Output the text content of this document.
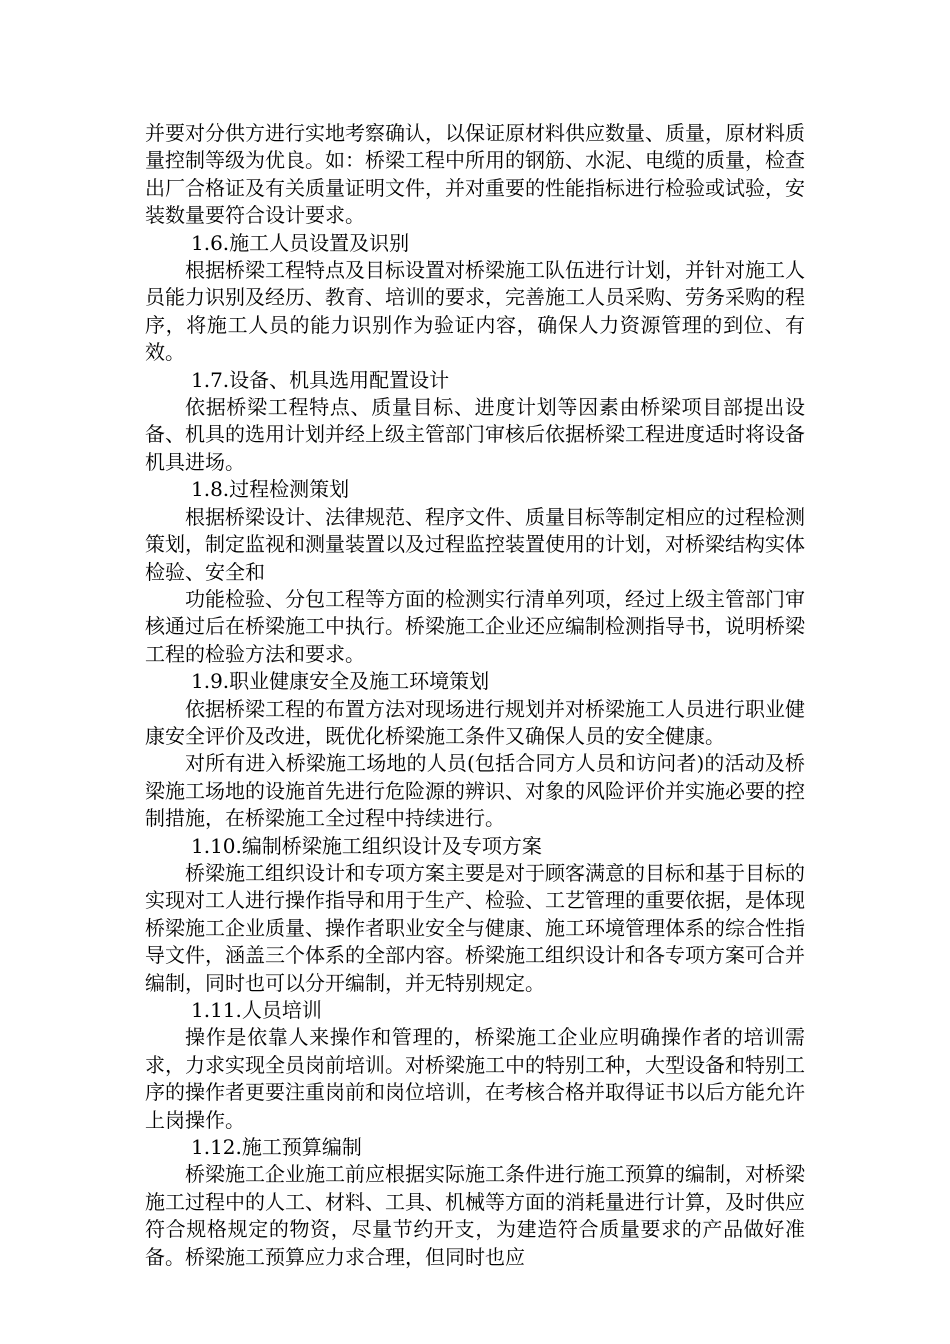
并要对分供方进行实地考察确认，以保证原材料供应数量、质量，原材料质量控制等级为优良。如：桥梁工程中所用的钢筋、水泥、电缆的质量，检查出厂合格证及有关质量证明文件，并对重要的性能指标进行检验或试验，安装数量要符合设计要求。

1.6.施工人员设置及识别

根据桥梁工程特点及目标设置对桥梁施工队伍进行计划，并针对施工人员能力识别及经历、教育、培训的要求，完善施工人员采购、劳务采购的程序，将施工人员的能力识别作为验证内容，确保人力资源管理的到位、有效。

1.7.设备、机具选用配置设计

依据桥梁工程特点、质量目标、进度计划等因素由桥梁项目部提出设备、机具的选用计划并经上级主管部门审核后依据桥梁工程进度适时将设备机具进场。

1.8.过程检测策划

根据桥梁设计、法律规范、程序文件、质量目标等制定相应的过程检测策划，制定监视和测量装置以及过程监控装置使用的计划，对桥梁结构实体检验、安全和

功能检验、分包工程等方面的检测实行清单列项，经过上级主管部门审核通过后在桥梁施工中执行。桥梁施工企业还应编制检测指导书，说明桥梁工程的检验方法和要求。

1.9.职业健康安全及施工环境策划

依据桥梁工程的布置方法对现场进行规划并对桥梁施工人员进行职业健康安全评价及改进，既优化桥梁施工条件又确保人员的安全健康。

对所有进入桥梁施工场地的人员(包括合同方人员和访问者)的活动及桥梁施工场地的设施首先进行危险源的辨识、对象的风险评价并实施必要的控制措施，在桥梁施工全过程中持续进行。

1.10.编制桥梁施工组织设计及专项方案

桥梁施工组织设计和专项方案主要是对于顾客满意的目标和基于目标的实现对工人进行操作指导和用于生产、检验、工艺管理的重要依据，是体现桥梁施工企业质量、操作者职业安全与健康、施工环境管理体系的综合性指导文件，涵盖三个体系的全部内容。桥梁施工组织设计和各专项方案可合并编制，同时也可以分开编制，并无特别规定。

1.11.人员培训

操作是依靠人来操作和管理的，桥梁施工企业应明确操作者的培训需求，力求实现全员岗前培训。对桥梁施工中的特别工种，大型设备和特别工序的操作者更要注重岗前和岗位培训，在考核合格并取得证书以后方能允许上岗操作。

1.12.施工预算编制

桥梁施工企业施工前应根据实际施工条件进行施工预算的编制，对桥梁施工过程中的人工、材料、工具、机械等方面的消耗量进行计算，及时供应符合规格规定的物资，尽量节约开支，为建造符合质量要求的产品做好准备。桥梁施工预算应力求合理，但同时也应
